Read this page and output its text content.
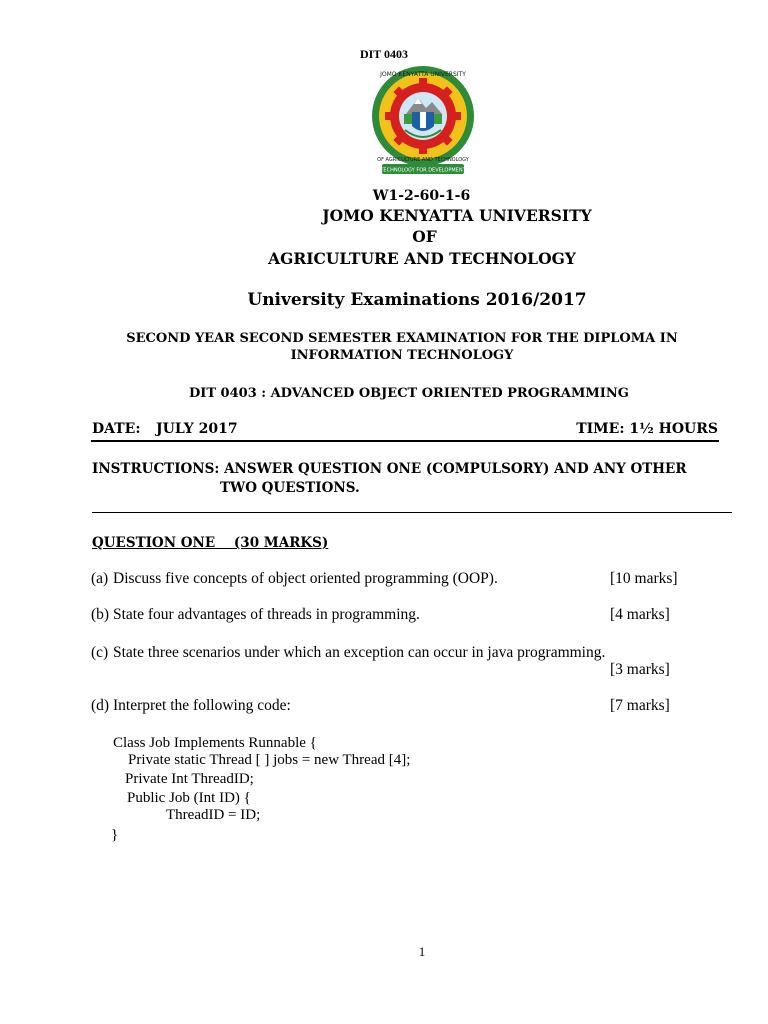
DIT 0403
JOMO KENYATTA UNIVERSITY
OF AGRICULTURE AND TECHNOLOGY
TECHNOLOGY FOR DEVELOPMENT
W1-2-60-1-6
JOMO KENYATTA UNIVERSITY
OF
AGRICULTURE AND TECHNOLOGY
University Examinations 2016/2017
SECOND YEAR SECOND SEMESTER EXAMINATION FOR THE DIPLOMA IN
INFORMATION TECHNOLOGY
DIT 0403 : ADVANCED OBJECT ORIENTED PROGRAMMING
DATE: JULY 2017	TIME: 1½ HOURS
INSTRUCTIONS: ANSWER QUESTION ONE (COMPULSORY) AND ANY OTHER
TWO QUESTIONS.
QUESTION ONE    (30 MARKS)
(a) Discuss five concepts of object oriented programming (OOP).	[10 marks]
(b) State four advantages of threads in programming.	[4 marks]
(c) State three scenarios under which an exception can occur in java programming.
[3 marks]
(d) Interpret the following code:	[7 marks]
Class Job Implements Runnable {
Private static Thread [ ] jobs = new Thread [4];
Private Int ThreadID;
Public Job (Int ID) {
ThreadID = ID;
}
1
